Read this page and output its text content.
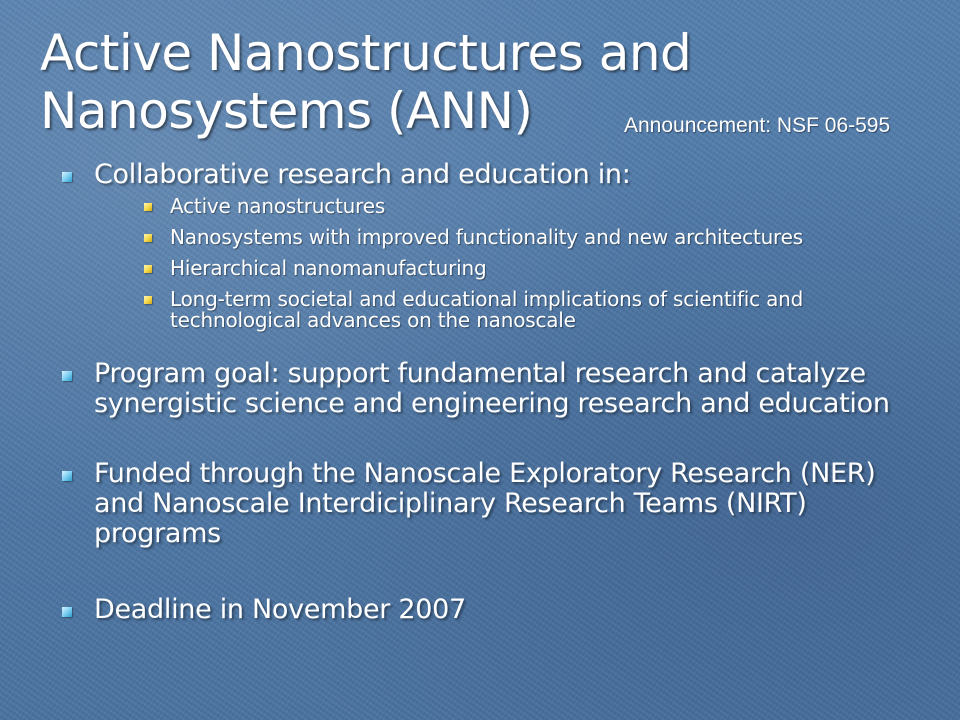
Active Nanostructures and
Nanosystems (ANN)	Announcement: NSF 06-595
Collaborative research and education in:
Active nanostructures
Nanosystems with improved functionality and new architectures
Hierarchical nanomanufacturing
Long-term societal and educational implications of scientific and technological advances on the nanoscale
Program goal: support fundamental research and catalyze synergistic science and engineering research and education
Funded through the Nanoscale Exploratory Research (NER) and Nanoscale Interdiciplinary Research Teams (NIRT) programs
Deadline in November 2007
